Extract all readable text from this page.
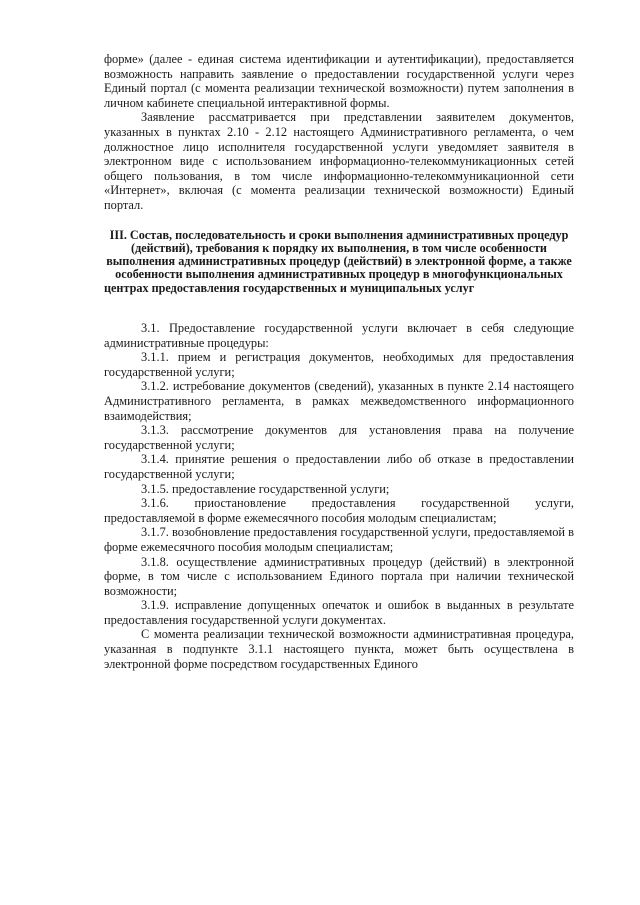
форме» (далее - единая система идентификации и аутентификации), предоставляется возможность направить заявление о предоставлении государственной услуги через Единый портал (с момента реализации технической возможности) путем заполнения в личном кабинете специальной интерактивной формы.

Заявление рассматривается при представлении заявителем документов, указанных в пунктах 2.10 - 2.12 настоящего Административного регламента, о чем должностное лицо исполнителя государственной услуги уведомляет заявителя в электронном виде с использованием информационно-телекоммуникационных сетей общего пользования, в том числе информационно-телекоммуникационной сети «Интернет», включая (с момента реализации технической возможности) Единый портал.

III. Состав, последовательность и сроки выполнения административных процедур (действий), требования к порядку их выполнения, в том числе особенности выполнения административных процедур (действий) в электронной форме, а также особенности выполнения административных процедур в многофункциональных центрах предоставления государственных и муниципальных услуг

3.1. Предоставление государственной услуги включает в себя следующие административные процедуры:

3.1.1. прием и регистрация документов, необходимых для предоставления государственной услуги;

3.1.2. истребование документов (сведений), указанных в пункте 2.14 настоящего Административного регламента, в рамках межведомственного информационного взаимодействия;

3.1.3. рассмотрение документов для установления права на получение государственной услуги;

3.1.4. принятие решения о предоставлении либо об отказе в предоставлении государственной услуги;

3.1.5. предоставление государственной услуги;

3.1.6. приостановление предоставления государственной услуги, предоставляемой в форме ежемесячного пособия молодым специалистам;

3.1.7. возобновление предоставления государственной услуги, предоставляемой в форме ежемесячного пособия молодым специалистам;

3.1.8. осуществление административных процедур (действий) в электронной форме, в том числе с использованием Единого портала при наличии технической возможности;

3.1.9. исправление допущенных опечаток и ошибок в выданных в результате предоставления государственной услуги документах.

С момента реализации технической возможности административная процедура, указанная в подпункте 3.1.1 настоящего пункта, может быть осуществлена в электронной форме посредством государственных Единого
